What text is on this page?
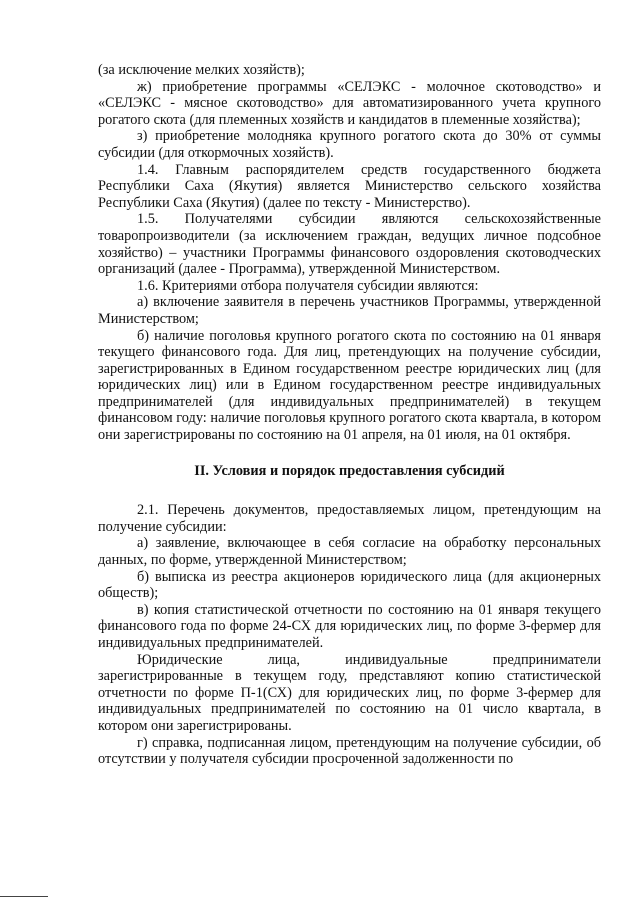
(за исключение мелких хозяйств);

ж) приобретение программы «СЕЛЭКС - молочное скотоводство» и «СЕЛЭКС - мясное скотоводство» для автоматизированного учета крупного рогатого скота (для племенных хозяйств и кандидатов в племенные хозяйства);

з) приобретение молодняка крупного рогатого скота до 30% от суммы субсидии (для откормочных хозяйств).

1.4. Главным распорядителем средств государственного бюджета Республики Саха (Якутия) является Министерство сельского хозяйства Республики Саха (Якутия) (далее по тексту - Министерство).

1.5. Получателями субсидии являются сельскохозяйственные товаропроизводители (за исключением граждан, ведущих личное подсобное хозяйство) – участники Программы финансового оздоровления скотоводческих организаций (далее - Программа), утвержденной Министерством.

1.6. Критериями отбора получателя субсидии являются:

а) включение заявителя в перечень участников Программы, утвержденной Министерством;

б) наличие поголовья крупного рогатого скота по состоянию на 01 января текущего финансового года. Для лиц, претендующих на получение субсидии, зарегистрированных в Едином государственном реестре юридических лиц (для юридических лиц) или в Едином государственном реестре индивидуальных предпринимателей (для индивидуальных предпринимателей) в текущем финансовом году: наличие поголовья крупного рогатого скота квартала, в котором они зарегистрированы по состоянию на 01 апреля, на 01 июля, на 01 октября.

II. Условия и порядок предоставления субсидий

2.1. Перечень документов, предоставляемых лицом, претендующим на получение субсидии:

а) заявление, включающее в себя согласие на обработку персональных данных, по форме, утвержденной Министерством;

б) выписка из реестра акционеров юридического лица (для акционерных обществ);

в) копия статистической отчетности по состоянию на 01 января текущего финансового года по форме 24-СХ для юридических лиц, по форме 3-фермер для индивидуальных предпринимателей.

Юридические лица, индивидуальные предприниматели зарегистрированные в текущем году, представляют копию статистической отчетности по форме П-1(СХ) для юридических лиц, по форме 3-фермер для индивидуальных предпринимателей по состоянию на 01 число квартала, в котором они зарегистрированы.

г) справка, подписанная лицом, претендующим на получение субсидии, об отсутствии у получателя субсидии просроченной задолженности по
